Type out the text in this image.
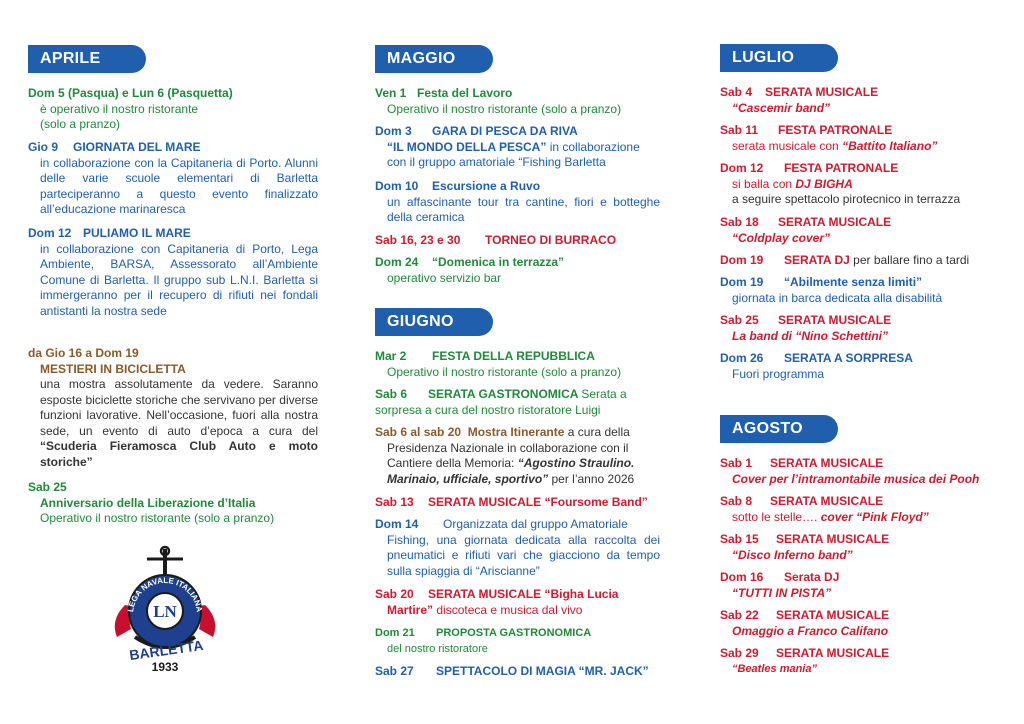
APRILE
Dom 5 (Pasqua) e Lun 6 (Pasquetta)
è operativo il nostro ristorante
(solo a pranzo)
Gio 9 GIORNATA DEL MARE
in collaborazione con la Capitaneria di Porto. Alunni delle varie scuole elementari di Barletta parteciperanno a questo evento finalizzato all’educazione marinaresca
Dom 12 PULIAMO IL MARE
in collaborazione con Capitaneria di Porto, Lega Ambiente, BARSA, Assessorato all’Ambiente Comune di Barletta. Il gruppo sub L.N.I. Barletta si immergeranno per il recupero di rifiuti nei fondali antistanti la nostra sede
da Gio 16 a Dom 19
MESTIERI IN BICICLETTA
una mostra assolutamente da vedere. Saranno esposte biciclette storiche che servivano per diverse funzioni lavorative. Nell’occasione, fuori alla nostra sede, un evento di auto d’epoca a cura del “Scuderia Fieramosca Club Auto e moto storiche”
Sab 25
Anniversario della Liberazione d’Italia
Operativo il nostro ristorante (solo a pranzo)
LN
LEGA NAVALE ITALIANA
BARLETTA
1933
MAGGIO
Ven 1 Festa del Lavoro
Operativo il nostro ristorante (solo a pranzo)
Dom 3 GARA DI PESCA DA RIVA
“IL MONDO DELLA PESCA” in collaborazione con il gruppo amatoriale “Fishing Barletta
Dom 10 Escursione a Ruvo
un affascinante tour tra cantine, fiori e botteghe della ceramica
Sab 16, 23 e 30 TORNEO DI BURRACO
Dom 24 “Domenica in terrazza”
operativo servizio bar
GIUGNO
Mar 2 FESTA DELLA REPUBBLICA
Operativo il nostro ristorante (solo a pranzo)
Sab 6 SERATA GASTRONOMICA Serata a
sorpresa a cura del nostro ristoratore Luigi
Sab 6 al sab 20 Mostra Itinerante a cura della
Presidenza Nazionale in collaborazione con il Cantiere della Memoria: “Agostino Straulino. Marinaio, ufficiale, sportivo” per l’anno 2026
Sab 13 SERATA MUSICALE “Foursome Band”
Dom 14 Organizzata dal gruppo Amatoriale
Fishing, una giornata dedicata alla raccolta dei pneumatici e rifiuti vari che giacciono da tempo sulla spiaggia di “Ariscianne”
Sab 20 SERATA MUSICALE “Bigha Lucia
Martire” discoteca e musica dal vivo
Dom 21 PROPOSTA GASTRONOMICA
del nostro ristoratore
Sab 27 SPETTACOLO DI MAGIA “MR. JACK”
LUGLIO
Sab 4 SERATA MUSICALE
“Cascemir band”
Sab 11 FESTA PATRONALE
serata musicale con “Battito Italiano”
Dom 12 FESTA PATRONALE
si balla con DJ BIGHA
a seguire spettacolo pirotecnico in terrazza
Sab 18 SERATA MUSICALE
“Coldplay cover”
Dom 19 SERATA DJ per ballare fino a tardi
Dom 19 “Abilmente senza limiti”
giornata in barca dedicata alla disabilità
Sab 25 SERATA MUSICALE
La band di “Nino Schettini”
Dom 26 SERATA A SORPRESA
Fuori programma
AGOSTO
Sab 1 SERATA MUSICALE
Cover per l’intramontabile musica dei Pooh
Sab 8 SERATA MUSICALE
sotto le stelle…. cover “Pink Floyd”
Sab 15 SERATA MUSICALE
“Disco Inferno band”
Dom 16 Serata DJ
“TUTTI IN PISTA”
Sab 22 SERATA MUSICALE
Omaggio a Franco Califano
Sab 29 SERATA MUSICALE
“Beatles mania”
